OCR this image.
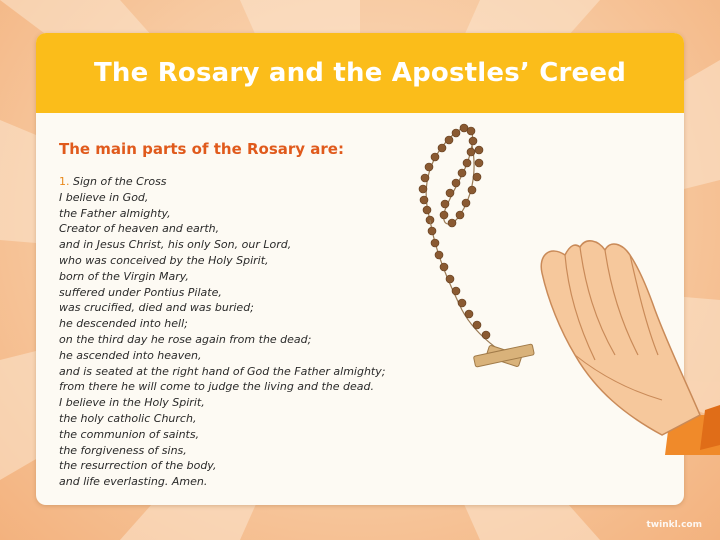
The Rosary and the Apostles’ Creed

The main parts of the Rosary are:

1. Sign of the Cross
I believe in God,
the Father almighty,
Creator of heaven and earth,
and in Jesus Christ, his only Son, our Lord,
who was conceived by the Holy Spirit,
born of the Virgin Mary,
suffered under Pontius Pilate,
was crucified, died and was buried;
he descended into hell;
on the third day he rose again from the dead;
he ascended into heaven,
and is seated at the right hand of God the Father almighty;
from there he will come to judge the living and the dead.
I believe in the Holy Spirit,
the holy catholic Church,
the communion of saints,
the forgiveness of sins,
the resurrection of the body,
and life everlasting. Amen.
twinkl.com
